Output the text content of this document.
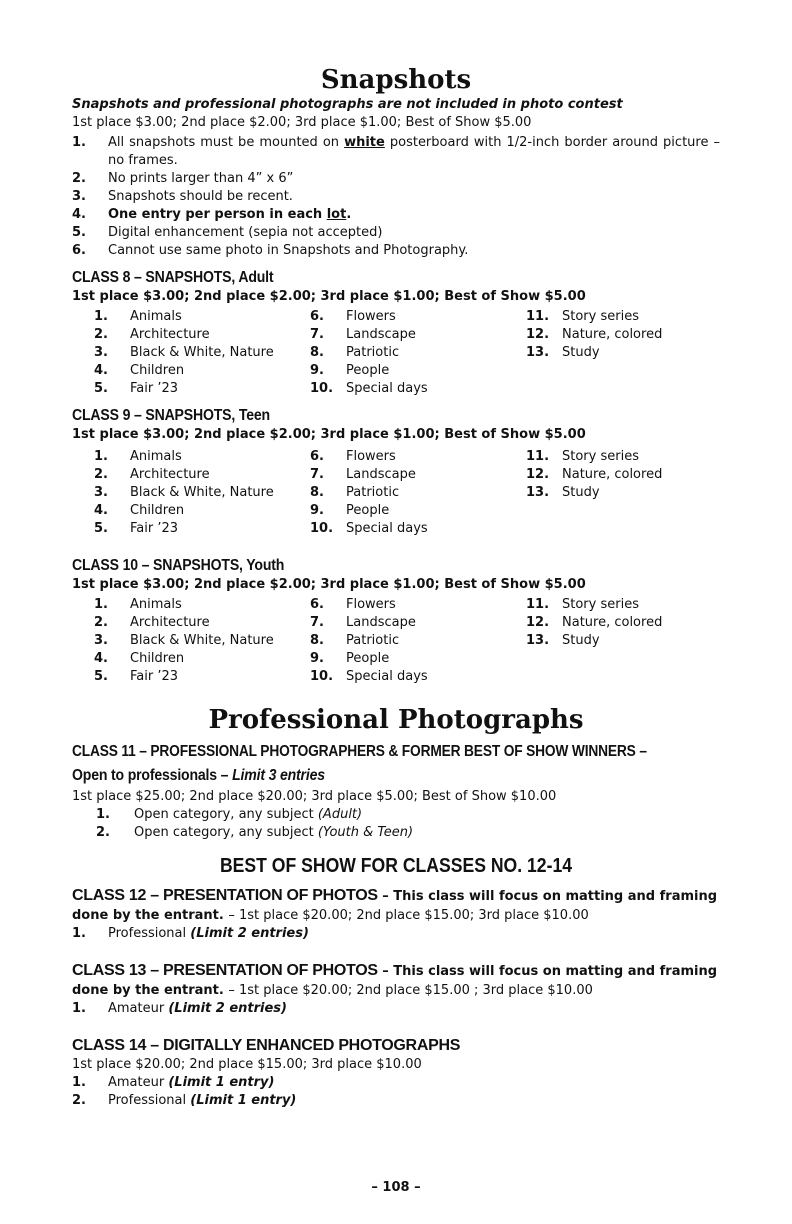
Snapshots
Snapshots and professional photographs are not included in photo contest
1st place $3.00; 2nd place $2.00; 3rd place $1.00; Best of Show $5.00
1.	All snapshots must be mounted on white posterboard with 1/2-inch border around picture – no frames.
2.	No prints larger than 4” x 6”
3.	Snapshots should be recent.
4.	One entry per person in each lot.
5.	Digital enhancement (sepia not accepted)
6.	Cannot use same photo in Snapshots and Photography.
CLASS 8 – SNAPSHOTS, Adult
1st place $3.00; 2nd place $2.00; 3rd place $1.00; Best of Show $5.00
1.	Animals
2.	Architecture
3.	Black & White, Nature
4.	Children
5.	Fair ’23
6.	Flowers
7.	Landscape
8.	Patriotic
9.	People
10. Special days
11. Story series
12. Nature, colored
13. Study
CLASS 9 – SNAPSHOTS, Teen
1st place $3.00; 2nd place $2.00; 3rd place $1.00; Best of Show $5.00
1.	Animals
2.	Architecture
3.	Black & White, Nature
4.	Children
5.	Fair ’23
6.	Flowers
7.	Landscape
8.	Patriotic
9.	People
10. Special days
11. Story series
12. Nature, colored
13. Study
CLASS 10 – SNAPSHOTS, Youth
1st place $3.00; 2nd place $2.00; 3rd place $1.00; Best of Show $5.00
1.	Animals
2.	Architecture
3.	Black & White, Nature
4.	Children
5.	Fair ’23
6.	Flowers
7.	Landscape
8.	Patriotic
9.	People
10. Special days
11. Story series
12. Nature, colored
13. Study
Professional Photographs
CLASS 11 – PROFESSIONAL PHOTOGRAPHERS & FORMER BEST OF SHOW WINNERS –
Open to professionals – Limit 3 entries
1st place $25.00; 2nd place $20.00; 3rd place $5.00; Best of Show $10.00
1.	Open category, any subject (Adult)
2.	Open category, any subject (Youth & Teen)
BEST OF SHOW FOR CLASSES NO. 12-14
CLASS 12 – PRESENTATION OF PHOTOS – This class will focus on matting and framing done by the entrant. – 1st place $20.00; 2nd place $15.00; 3rd place $10.00
1.	Professional (Limit 2 entries)
CLASS 13 – PRESENTATION OF PHOTOS – This class will focus on matting and framing done by the entrant. – 1st place $20.00; 2nd place $15.00 ; 3rd place $10.00
1.	Amateur (Limit 2 entries)
CLASS 14 – DIGITALLY ENHANCED PHOTOGRAPHS
1st place $20.00; 2nd place $15.00; 3rd place $10.00
1.	Amateur (Limit 1 entry)
2.	Professional (Limit 1 entry)
– 108 –
